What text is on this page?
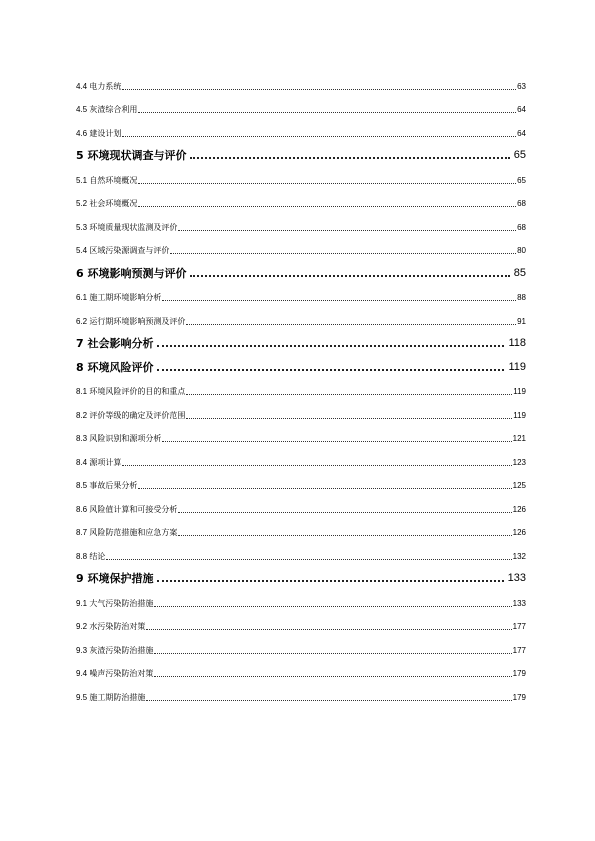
4.4 电力系统	63
4.5 灰渣综合利用	64
4.6 建设计划	64
5 环境现状调查与评价	65
5.1 自然环境概况	65
5.2 社会环境概况	68
5.3 环境质量现状监测及评价	68
5.4 区域污染源调查与评价	80
6 环境影响预测与评价	85
6.1 施工期环境影响分析	88
6.2 运行期环境影响预测及评价	91
7 社会影响分析	118
8 环境风险评价	119
8.1 环境风险评价的目的和重点	119
8.2 评价等级的确定及评价范围	119
8.3 风险识别和源项分析	121
8.4 源项计算	123
8.5 事故后果分析	125
8.6 风险值计算和可接受分析	126
8.7 风险防范措施和应急方案	126
8.8 结论	132
9 环境保护措施	133
9.1 大气污染防治措施	133
9.2 水污染防治对策	177
9.3 灰渣污染防治措施	177
9.4 噪声污染防治对策	179
9.5 施工期防治措施	179
